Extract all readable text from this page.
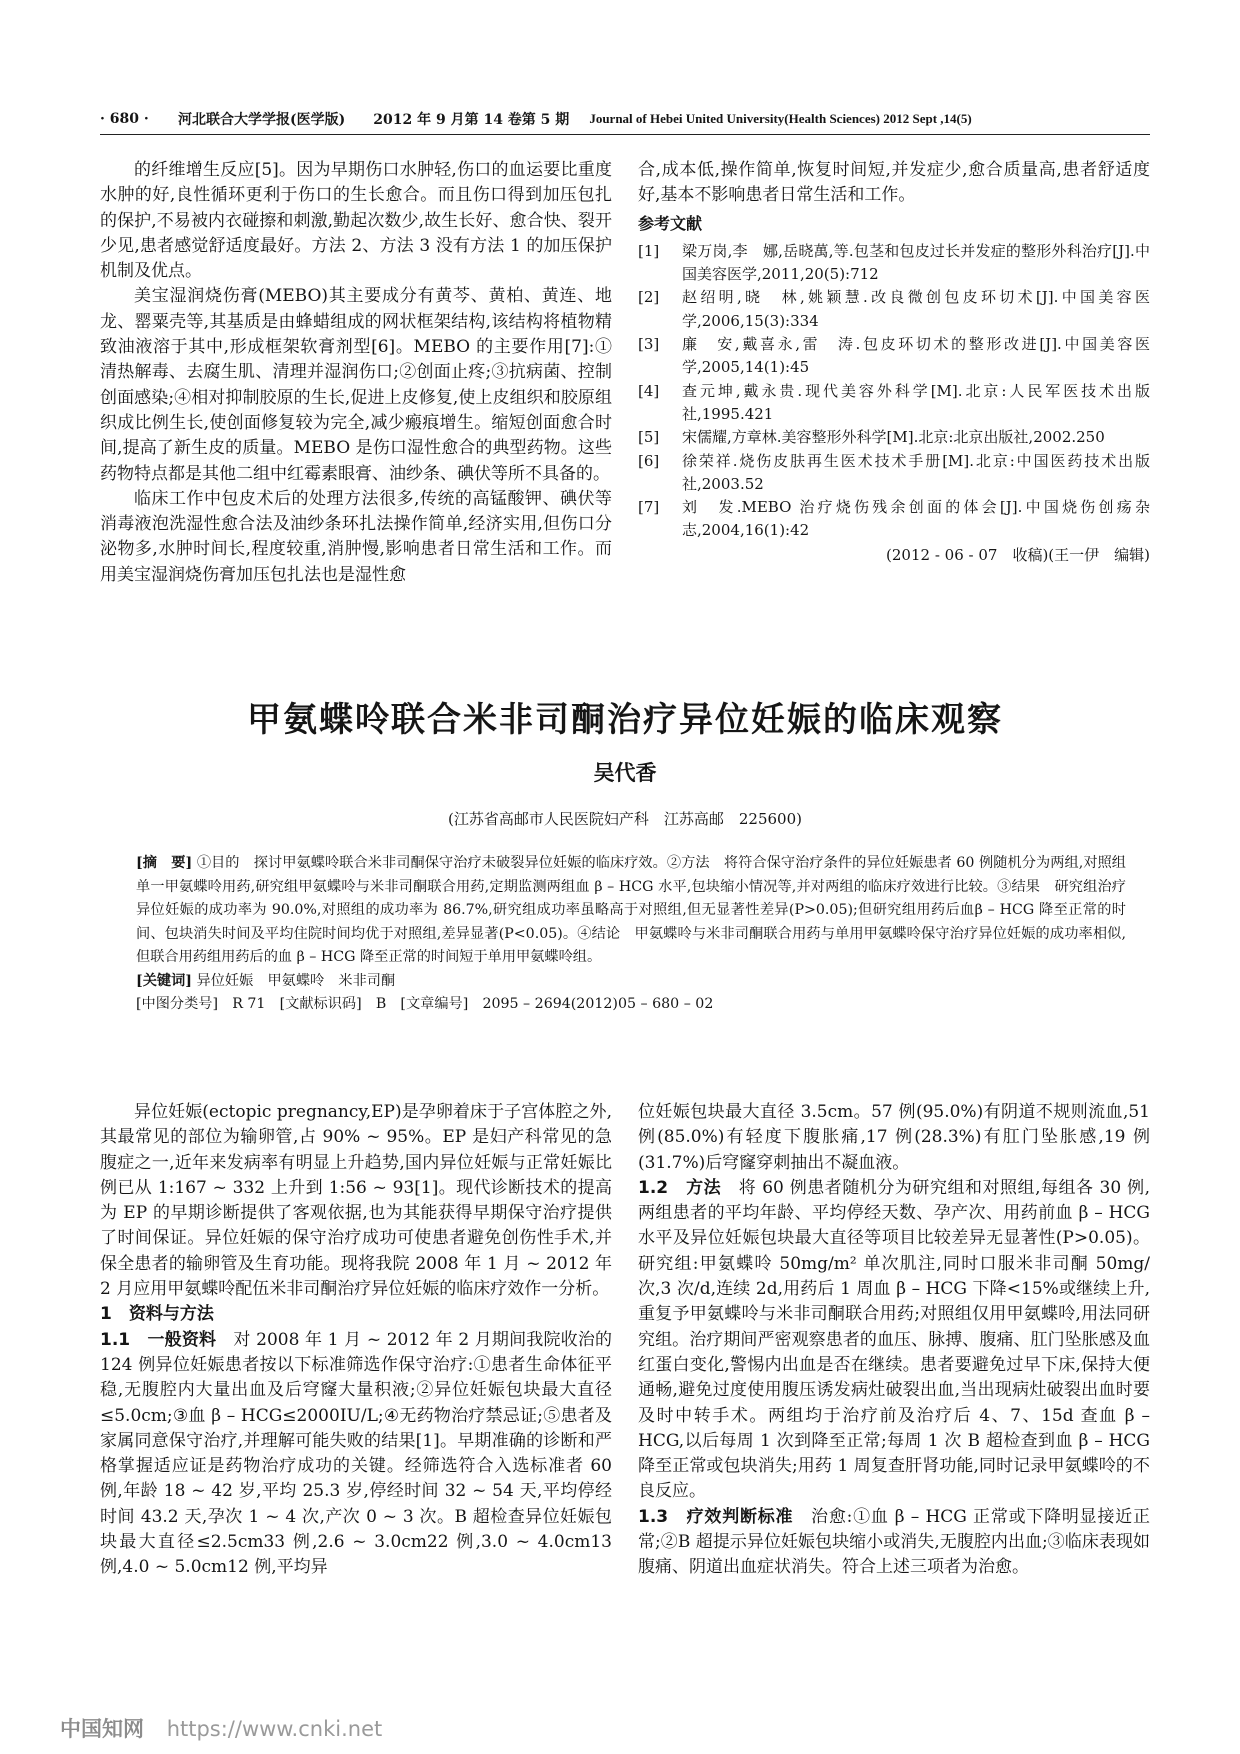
· 680 ·	河北联合大学学报(医学版) 2012 年 9 月第 14 卷第 5 期 Journal of Hebei United University(Health Sciences) 2012 Sept ,14(5)

的纤维增生反应[5]。因为早期伤口水肿轻,伤口的血运要比重度水肿的好,良性循环更利于伤口的生长愈合。而且伤口得到加压包扎的保护,不易被内衣碰擦和刺激,勤起次数少,故生长好、愈合快、裂开少见,患者感觉舒适度最好。方法 2、方法 3 没有方法 1 的加压保护机制及优点。

美宝湿润烧伤膏(MEBO)其主要成分有黄芩、黄柏、黄连、地龙、罂粟壳等,其基质是由蜂蜡组成的网状框架结构,该结构将植物精致油液溶于其中,形成框架软膏剂型[6]。MEBO 的主要作用[7]:①清热解毒、去腐生肌、清理并湿润伤口;②创面止疼;③抗病菌、控制创面感染;④相对抑制胶原的生长,促进上皮修复,使上皮组织和胶原组织成比例生长,使创面修复较为完全,减少瘢痕增生。缩短创面愈合时间,提高了新生皮的质量。MEBO 是伤口湿性愈合的典型药物。这些药物特点都是其他二组中红霉素眼膏、油纱条、碘伏等所不具备的。

临床工作中包皮术后的处理方法很多,传统的高锰酸钾、碘伏等消毒液泡洗湿性愈合法及油纱条环扎法操作简单,经济实用,但伤口分泌物多,水肿时间长,程度较重,消肿慢,影响患者日常生活和工作。而用美宝湿润烧伤膏加压包扎法也是湿性愈

合,成本低,操作简单,恢复时间短,并发症少,愈合质量高,患者舒适度好,基本不影响患者日常生活和工作。

参考文献

[1]	梁万岗,李　娜,岳晓萬,等.包茎和包皮过长并发症的整形外科治疗[J].中国美容医学,2011,20(5):712
[2]	赵绍明,晓　林,姚颖慧.改良微创包皮环切术[J].中国美容医学,2006,15(3):334
[3]	廉　安,戴喜永,雷　涛.包皮环切术的整形改进[J].中国美容医学,2005,14(1):45
[4]	查元坤,戴永贵.现代美容外科学[M].北京:人民军医技术出版社,1995.421
[5]	宋儒耀,方章林.美容整形外科学[M].北京:北京出版社,2002.250
[6]	徐荣祥.烧伤皮肤再生医术技术手册[M].北京:中国医药技术出版社,2003.52
[7]	刘　发.MEBO 治疗烧伤残余创面的体会[J].中国烧伤创疡杂志,2004,16(1):42

(2012 - 06 - 07　收稿)(王一伊　编辑)

甲氨蝶呤联合米非司酮治疗异位妊娠的临床观察
吴代香
(江苏省高邮市人民医院妇产科　江苏高邮　225600)

[摘　要] ①目的　探讨甲氨蝶呤联合米非司酮保守治疗未破裂异位妊娠的临床疗效。②方法　将符合保守治疗条件的异位妊娠患者 60 例随机分为两组,对照组单一甲氨蝶呤用药,研究组甲氨蝶呤与米非司酮联合用药,定期监测两组血 β – HCG 水平,包块缩小情况等,并对两组的临床疗效进行比较。③结果　研究组治疗异位妊娠的成功率为 90.0%,对照组的成功率为 86.7%,研究组成功率虽略高于对照组,但无显著性差异(P>0.05);但研究组用药后血β – HCG 降至正常的时间、包块消失时间及平均住院时间均优于对照组,差异显著(P<0.05)。④结论　甲氨蝶呤与米非司酮联合用药与单用甲氨蝶呤保守治疗异位妊娠的成功率相似,但联合用药组用药后的血 β – HCG 降至正常的时间短于单用甲氨蝶呤组。

[关键词] 异位妊娠　甲氨蝶呤　米非司酮

[中图分类号]　R 71　[文献标识码]　B　[文章编号]　2095 – 2694(2012)05 – 680 – 02

异位妊娠(ectopic pregnancy,EP)是孕卵着床于子宫体腔之外,其最常见的部位为输卵管,占 90% ~ 95%。EP 是妇产科常见的急腹症之一,近年来发病率有明显上升趋势,国内异位妊娠与正常妊娠比例已从 1:167 ~ 332 上升到 1:56 ~ 93[1]。现代诊断技术的提高为 EP 的早期诊断提供了客观依据,也为其能获得早期保守治疗提供了时间保证。异位妊娠的保守治疗成功可使患者避免创伤性手术,并保全患者的输卵管及生育功能。现将我院 2008 年 1 月 ~ 2012 年 2 月应用甲氨蝶呤配伍米非司酮治疗异位妊娠的临床疗效作一分析。

1　资料与方法

1.1　一般资料　对 2008 年 1 月 ~ 2012 年 2 月期间我院收治的 124 例异位妊娠患者按以下标准筛选作保守治疗:①患者生命体征平稳,无腹腔内大量出血及后穹窿大量积液;②异位妊娠包块最大直径≤5.0cm;③血 β – HCG≤2000IU/L;④无药物治疗禁忌证;⑤患者及家属同意保守治疗,并理解可能失败的结果[1]。早期准确的诊断和严格掌握适应证是药物治疗成功的关键。经筛选符合入选标准者 60 例,年龄 18 ~ 42 岁,平均 25.3 岁,停经时间 32 ~ 54 天,平均停经时间 43.2 天,孕次 1 ~ 4 次,产次 0 ~ 3 次。B 超检查异位妊娠包块最大直径≤2.5cm33 例,2.6 ~ 3.0cm22 例,3.0 ~ 4.0cm13 例,4.0 ~ 5.0cm12 例,平均异

位妊娠包块最大直径 3.5cm。57 例(95.0%)有阴道不规则流血,51 例(85.0%)有轻度下腹胀痛,17 例(28.3%)有肛门坠胀感,19 例(31.7%)后穹窿穿刺抽出不凝血液。

1.2　方法　将 60 例患者随机分为研究组和对照组,每组各 30 例,两组患者的平均年龄、平均停经天数、孕产次、用药前血 β – HCG 水平及异位妊娠包块最大直径等项目比较差异无显著性(P>0.05)。研究组:甲氨蝶呤 50mg/m² 单次肌注,同时口服米非司酮 50mg/次,3 次/d,连续 2d,用药后 1 周血 β – HCG 下降<15%或继续上升,重复予甲氨蝶呤与米非司酮联合用药;对照组仅用甲氨蝶呤,用法同研究组。治疗期间严密观察患者的血压、脉搏、腹痛、肛门坠胀感及血红蛋白变化,警惕内出血是否在继续。患者要避免过早下床,保持大便通畅,避免过度使用腹压诱发病灶破裂出血,当出现病灶破裂出血时要及时中转手术。两组均于治疗前及治疗后 4、7、15d 查血 β – HCG,以后每周 1 次到降至正常;每周 1 次 B 超检查到血 β – HCG 降至正常或包块消失;用药 1 周复查肝肾功能,同时记录甲氨蝶呤的不良反应。

1.3　疗效判断标准　治愈:①血 β – HCG 正常或下降明显接近正常;②B 超提示异位妊娠包块缩小或消失,无腹腔内出血;③临床表现如腹痛、阴道出血症状消失。符合上述三项者为治愈。

中国知网 https://www.cnki.net
